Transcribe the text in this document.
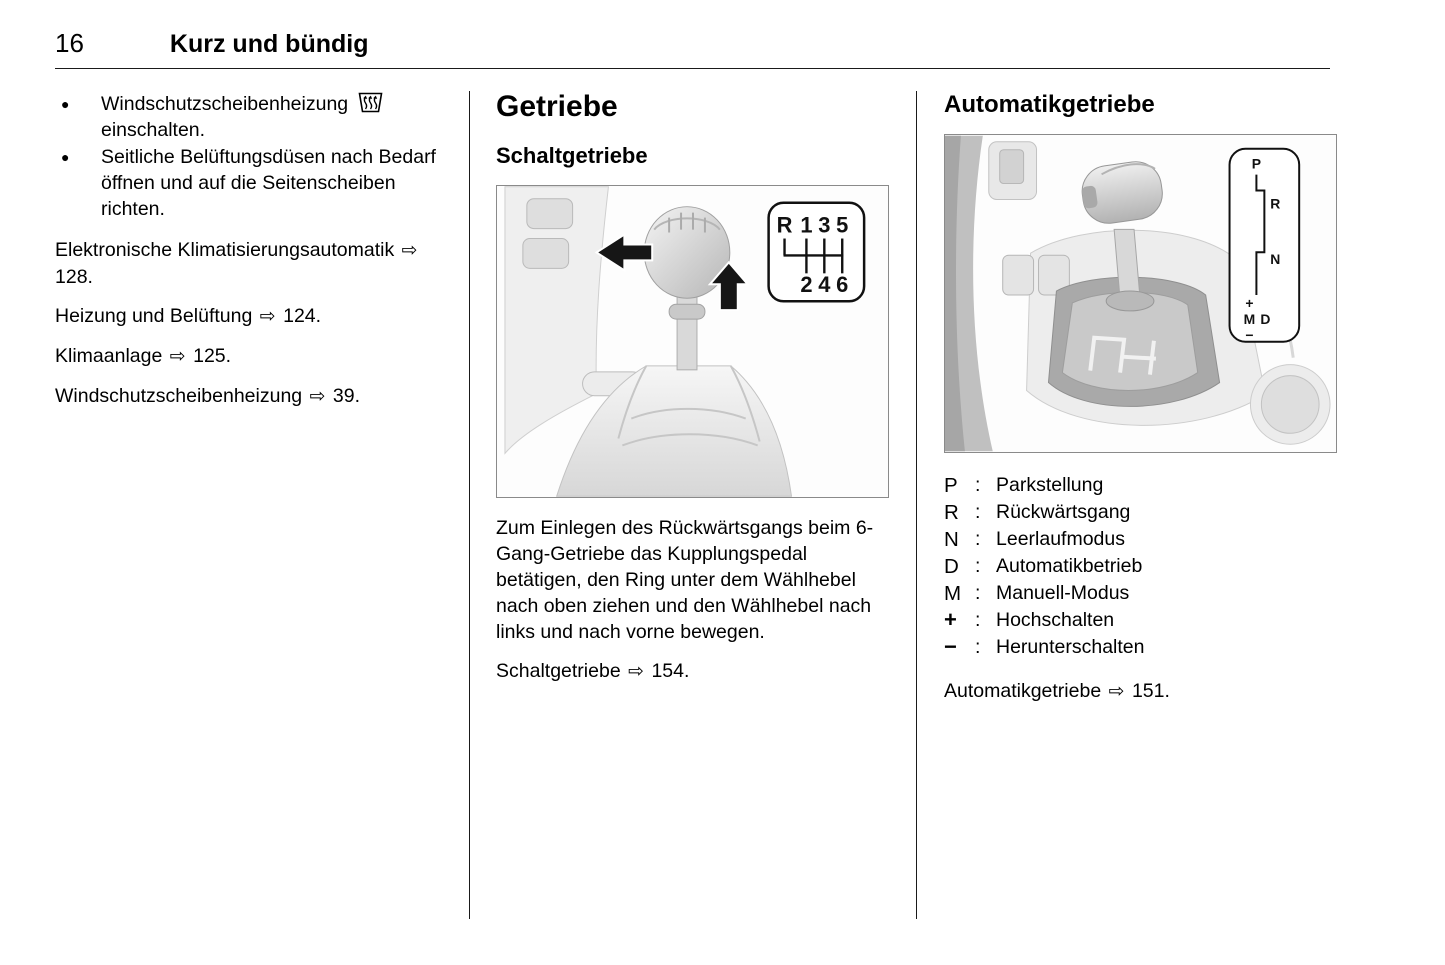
16	Kurz und bündig
●	Windschutzscheibenheizung  einschalten.
●	Seitliche Belüftungsdüsen nach Bedarf öffnen und auf die Seitenscheiben richten.

Elektronische Klimatisierungsautomatik ⇨ 128.

Heizung und Belüftung ⇨ 124.

Klimaanlage ⇨ 125.

Windschutzscheibenheizung ⇨ 39.

Getriebe
Schaltgetriebe
R 1 3 5
2 4 6

Zum Einlegen des Rückwärtsgangs beim 6-Gang-Getriebe das Kupplungspedal betätigen, den Ring unter dem Wählhebel nach oben ziehen und den Wählhebel nach links und nach vorne bewegen.

Schaltgetriebe ⇨ 154.

Automatikgetriebe
P
R
N
M D
+
−
P : Parkstellung
R : Rückwärtsgang
N : Leerlaufmodus
D : Automatikbetrieb
M : Manuell-Modus
+ : Hochschalten
− : Herunterschalten

Automatikgetriebe ⇨ 151.
